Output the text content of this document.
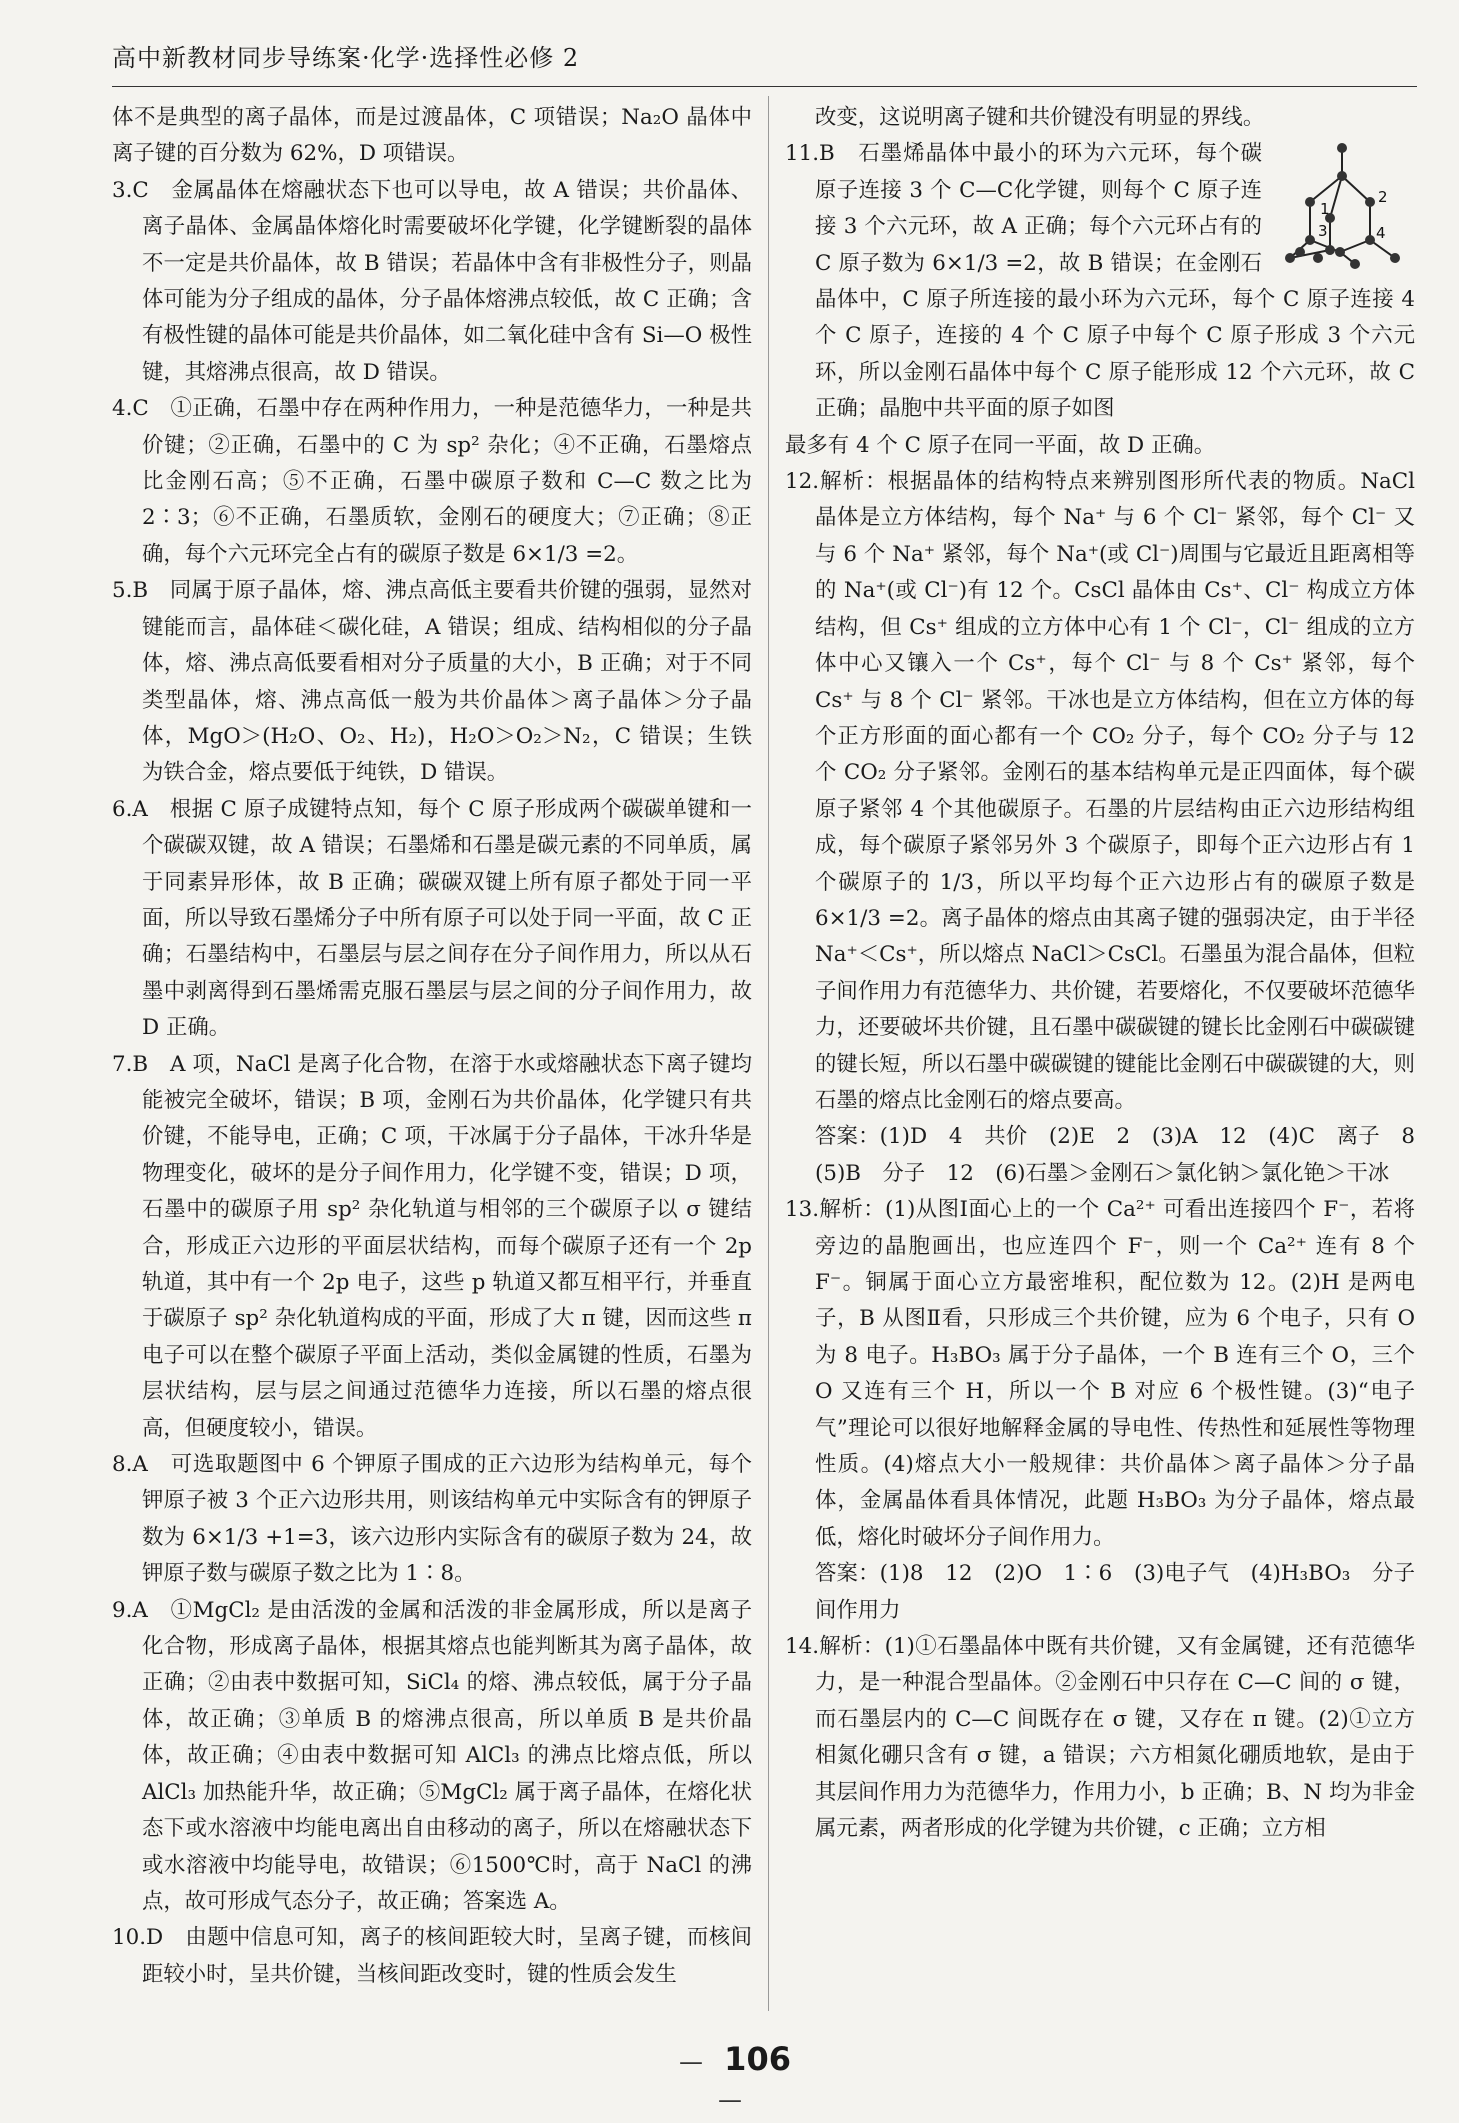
高中新教材同步导练案·化学·选择性必修 2

体不是典型的离子晶体，而是过渡晶体，C 项错误；Na₂O 晶体中离子键的百分数为 62%，D 项错误。

3.C　金属晶体在熔融状态下也可以导电，故 A 错误；共价晶体、离子晶体、金属晶体熔化时需要破坏化学键，化学键断裂的晶体不一定是共价晶体，故 B 错误；若晶体中含有非极性分子，则晶体可能为分子组成的晶体，分子晶体熔沸点较低，故 C 正确；含有极性键的晶体可能是共价晶体，如二氧化硅中含有 Si—O 极性键，其熔沸点很高，故 D 错误。

4.C　①正确，石墨中存在两种作用力，一种是范德华力，一种是共价键；②正确，石墨中的 C 为 sp² 杂化；④不正确，石墨熔点比金刚石高；⑤不正确，石墨中碳原子数和 C—C 数之比为 2∶3；⑥不正确，石墨质软，金刚石的硬度大；⑦正确；⑧正确，每个六元环完全占有的碳原子数是 6×1/3 =2。

5.B　同属于原子晶体，熔、沸点高低主要看共价键的强弱，显然对键能而言，晶体硅＜碳化硅，A 错误；组成、结构相似的分子晶体，熔、沸点高低要看相对分子质量的大小，B 正确；对于不同类型晶体，熔、沸点高低一般为共价晶体＞离子晶体＞分子晶体，MgO＞(H₂O、O₂、H₂)，H₂O＞O₂＞N₂，C 错误；生铁为铁合金，熔点要低于纯铁，D 错误。

6.A　根据 C 原子成键特点知，每个 C 原子形成两个碳碳单键和一个碳碳双键，故 A 错误；石墨烯和石墨是碳元素的不同单质，属于同素异形体，故 B 正确；碳碳双键上所有原子都处于同一平面，所以导致石墨烯分子中所有原子可以处于同一平面，故 C 正确；石墨结构中，石墨层与层之间存在分子间作用力，所以从石墨中剥离得到石墨烯需克服石墨层与层之间的分子间作用力，故 D 正确。

7.B　A 项，NaCl 是离子化合物，在溶于水或熔融状态下离子键均能被完全破坏，错误；B 项，金刚石为共价晶体，化学键只有共价键，不能导电，正确；C 项，干冰属于分子晶体，干冰升华是物理变化，破坏的是分子间作用力，化学键不变，错误；D 项，石墨中的碳原子用 sp² 杂化轨道与相邻的三个碳原子以 σ 键结合，形成正六边形的平面层状结构，而每个碳原子还有一个 2p 轨道，其中有一个 2p 电子，这些 p 轨道又都互相平行，并垂直于碳原子 sp² 杂化轨道构成的平面，形成了大 π 键，因而这些 π 电子可以在整个碳原子平面上活动，类似金属键的性质，石墨为层状结构，层与层之间通过范德华力连接，所以石墨的熔点很高，但硬度较小，错误。

8.A　可选取题图中 6 个钾原子围成的正六边形为结构单元，每个钾原子被 3 个正六边形共用，则该结构单元中实际含有的钾原子数为 6×1/3 +1=3，该六边形内实际含有的碳原子数为 24，故钾原子数与碳原子数之比为 1∶8。

9.A　①MgCl₂ 是由活泼的金属和活泼的非金属形成，所以是离子化合物，形成离子晶体，根据其熔点也能判断其为离子晶体，故正确；②由表中数据可知，SiCl₄ 的熔、沸点较低，属于分子晶体，故正确；③单质 B 的熔沸点很高，所以单质 B 是共价晶体，故正确；④由表中数据可知 AlCl₃ 的沸点比熔点低，所以 AlCl₃ 加热能升华，故正确；⑤MgCl₂ 属于离子晶体，在熔化状态下或水溶液中均能电离出自由移动的离子，所以在熔融状态下或水溶液中均能导电，故错误；⑥1500℃时，高于 NaCl 的沸点，故可形成气态分子，故正确；答案选 A。

10.D　由题中信息可知，离子的核间距较大时，呈离子键，而核间距较小时，呈共价键，当核间距改变时，键的性质会发生

改变，这说明离子键和共价键没有明显的界线。

1
2
3	4

11.B　石墨烯晶体中最小的环为六元环，每个碳原子连接 3 个 C—C化学键，则每个 C 原子连接 3 个六元环，故 A 正确；每个六元环占有的 C 原子数为 6×1/3 =2，故 B 错误；在金刚石晶体中，C 原子所连接的最小环为六元环，每个 C 原子连接 4 个 C 原子，连接的 4 个 C 原子中每个 C 原子形成 3 个六元环，所以金刚石晶体中每个 C 原子能形成 12 个六元环，故 C 正确；晶胞中共平面的原子如图

最多有 4 个 C 原子在同一平面，故 D 正确。

12.解析：根据晶体的结构特点来辨别图形所代表的物质。NaCl 晶体是立方体结构，每个 Na⁺ 与 6 个 Cl⁻ 紧邻，每个 Cl⁻ 又与 6 个 Na⁺ 紧邻，每个 Na⁺(或 Cl⁻)周围与它最近且距离相等的 Na⁺(或 Cl⁻)有 12 个。CsCl 晶体由 Cs⁺、Cl⁻ 构成立方体结构，但 Cs⁺ 组成的立方体中心有 1 个 Cl⁻，Cl⁻ 组成的立方体中心又镶入一个 Cs⁺，每个 Cl⁻ 与 8 个 Cs⁺ 紧邻，每个 Cs⁺ 与 8 个 Cl⁻ 紧邻。干冰也是立方体结构，但在立方体的每个正方形面的面心都有一个 CO₂ 分子，每个 CO₂ 分子与 12 个 CO₂ 分子紧邻。金刚石的基本结构单元是正四面体，每个碳原子紧邻 4 个其他碳原子。石墨的片层结构由正六边形结构组成，每个碳原子紧邻另外 3 个碳原子，即每个正六边形占有 1 个碳原子的 1/3，所以平均每个正六边形占有的碳原子数是 6×1/3 =2。离子晶体的熔点由其离子键的强弱决定，由于半径 Na⁺＜Cs⁺，所以熔点 NaCl＞CsCl。石墨虽为混合晶体，但粒子间作用力有范德华力、共价键，若要熔化，不仅要破坏范德华力，还要破坏共价键，且石墨中碳碳键的键长比金刚石中碳碳键的键长短，所以石墨中碳碳键的键能比金刚石中碳碳键的大，则石墨的熔点比金刚石的熔点要高。

答案：(1)D　4　共价　(2)E　2　(3)A　12　(4)C　离子　8　(5)B　分子　12　(6)石墨＞金刚石＞氯化钠＞氯化铯＞干冰

13.解析：(1)从图Ⅰ面心上的一个 Ca²⁺ 可看出连接四个 F⁻，若将旁边的晶胞画出，也应连四个 F⁻，则一个 Ca²⁺ 连有 8 个 F⁻。铜属于面心立方最密堆积，配位数为 12。(2)H 是两电子，B 从图Ⅱ看，只形成三个共价键，应为 6 个电子，只有 O 为 8 电子。H₃BO₃ 属于分子晶体，一个 B 连有三个 O，三个 O 又连有三个 H，所以一个 B 对应 6 个极性键。(3)“电子气”理论可以很好地解释金属的导电性、传热性和延展性等物理性质。(4)熔点大小一般规律：共价晶体＞离子晶体＞分子晶体，金属晶体看具体情况，此题 H₃BO₃ 为分子晶体，熔点最低，熔化时破坏分子间作用力。

答案：(1)8　12　(2)O　1∶6　(3)电子气　(4)H₃BO₃　分子间作用力

14.解析：(1)①石墨晶体中既有共价键，又有金属键，还有范德华力，是一种混合型晶体。②金刚石中只存在 C—C 间的 σ 键，而石墨层内的 C—C 间既存在 σ 键，又存在 π 键。(2)①立方相氮化硼只含有 σ 键，a 错误；六方相氮化硼质地软，是由于其层间作用力为范德华力，作用力小，b 正确；B、N 均为非金属元素，两者形成的化学键为共价键，c 正确；立方相

— 106 —
